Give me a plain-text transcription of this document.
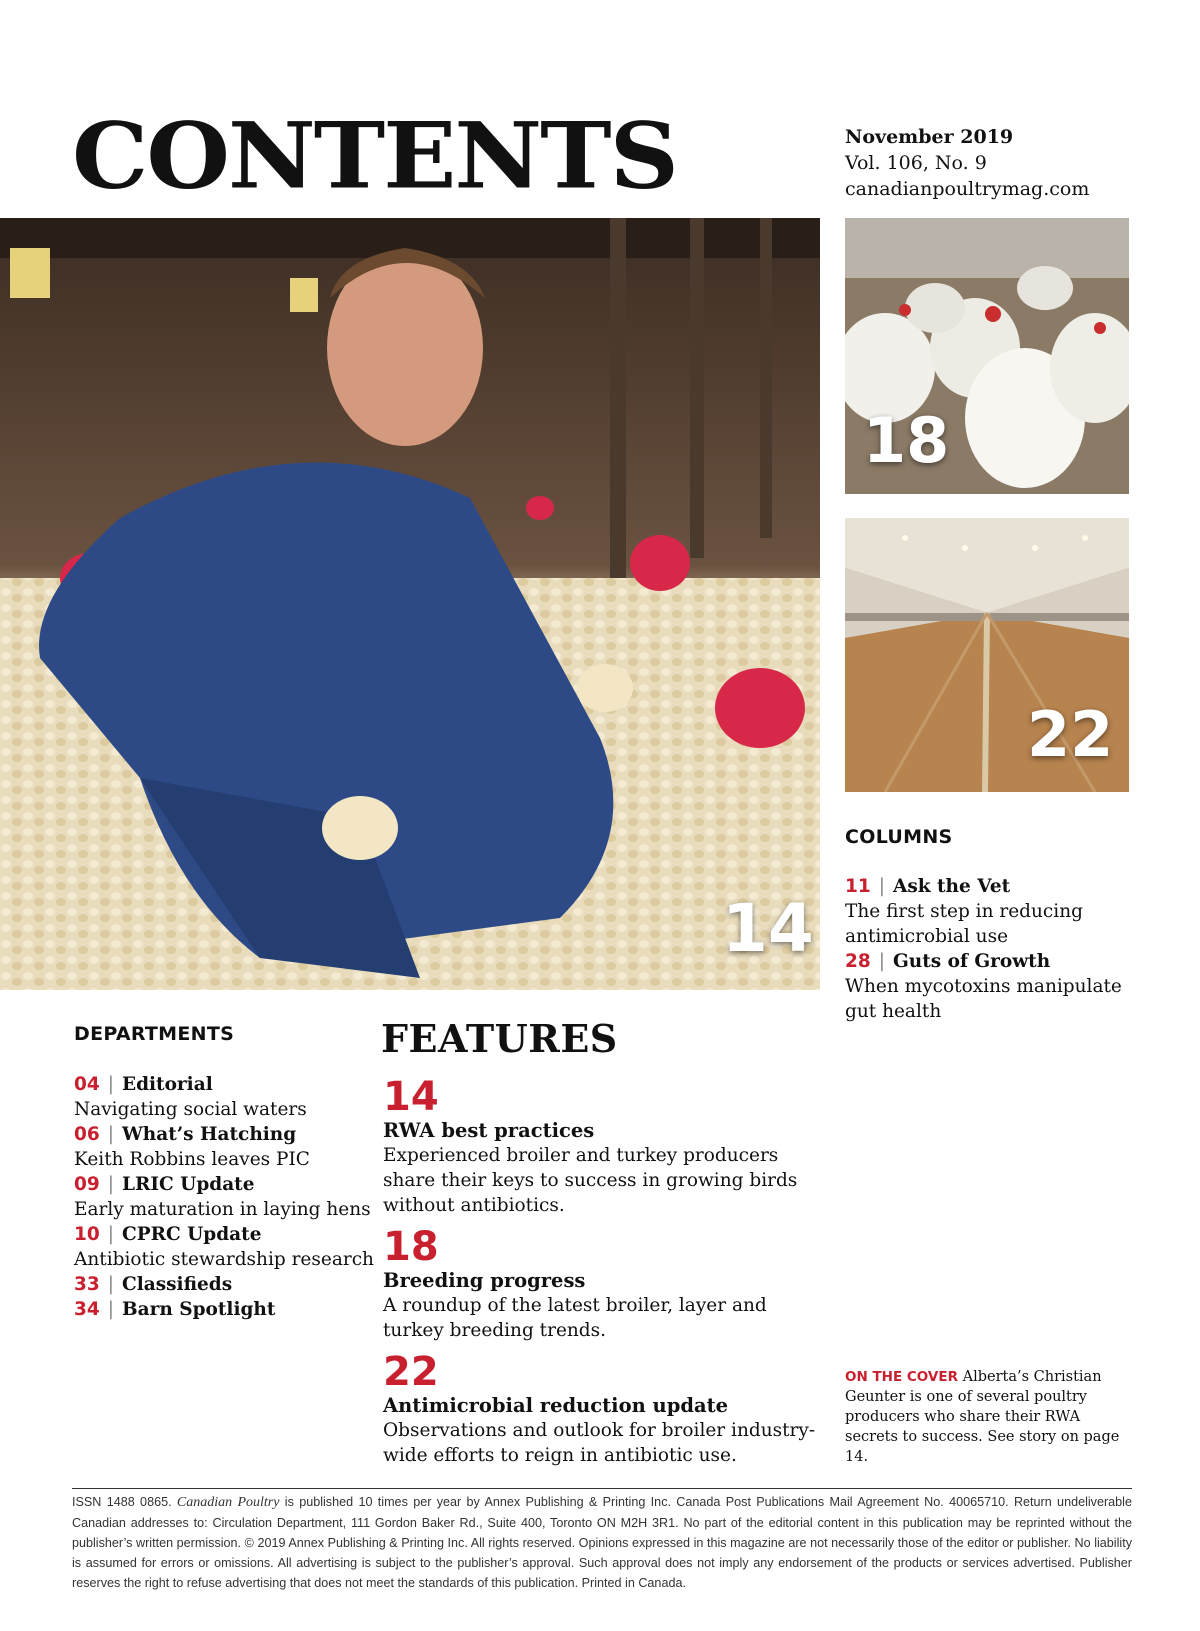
CONTENTS	November 2019
Vol. 106, No. 9
canadianpoultrymag.com
14
18
22
COLUMNS
11 | Ask the Vet
The first step in reducing antimicrobial use
28 | Guts of Growth
When mycotoxins manipulate gut health
DEPARTMENTS
04 | Editorial
Navigating social waters
06 | What’s Hatching
Keith Robbins leaves PIC
09 | LRIC Update
Early maturation in laying hens
10 | CPRC Update
Antibiotic stewardship research
33 | Classifieds
34 | Barn Spotlight
FEATURES
14
RWA best practices
Experienced broiler and turkey producers share their keys to success in growing birds without antibiotics.
18
Breeding progress
A roundup of the latest broiler, layer and turkey breeding trends.
22
Antimicrobial reduction update
Observations and outlook for broiler industry-wide efforts to reign in antibiotic use.
ON THE COVER Alberta’s Christian Geunter is one of several poultry producers who share their RWA secrets to success. See story on page 14.
ISSN 1488 0865. Canadian Poultry is published 10 times per year by Annex Publishing & Printing Inc. Canada Post Publications Mail Agreement No. 40065710. Return undeliverable Canadian addresses to: Circulation Department, 111 Gordon Baker Rd., Suite 400, Toronto ON M2H 3R1. No part of the editorial content in this publication may be reprinted without the publisher’s written permission. © 2019 Annex Publishing & Printing Inc. All rights reserved. Opinions expressed in this magazine are not necessarily those of the editor or publisher. No liability is assumed for errors or omissions. All advertising is subject to the publisher’s approval. Such approval does not imply any endorsement of the products or services advertised. Publisher reserves the right to refuse advertising that does not meet the standards of this publication. Printed in Canada.
